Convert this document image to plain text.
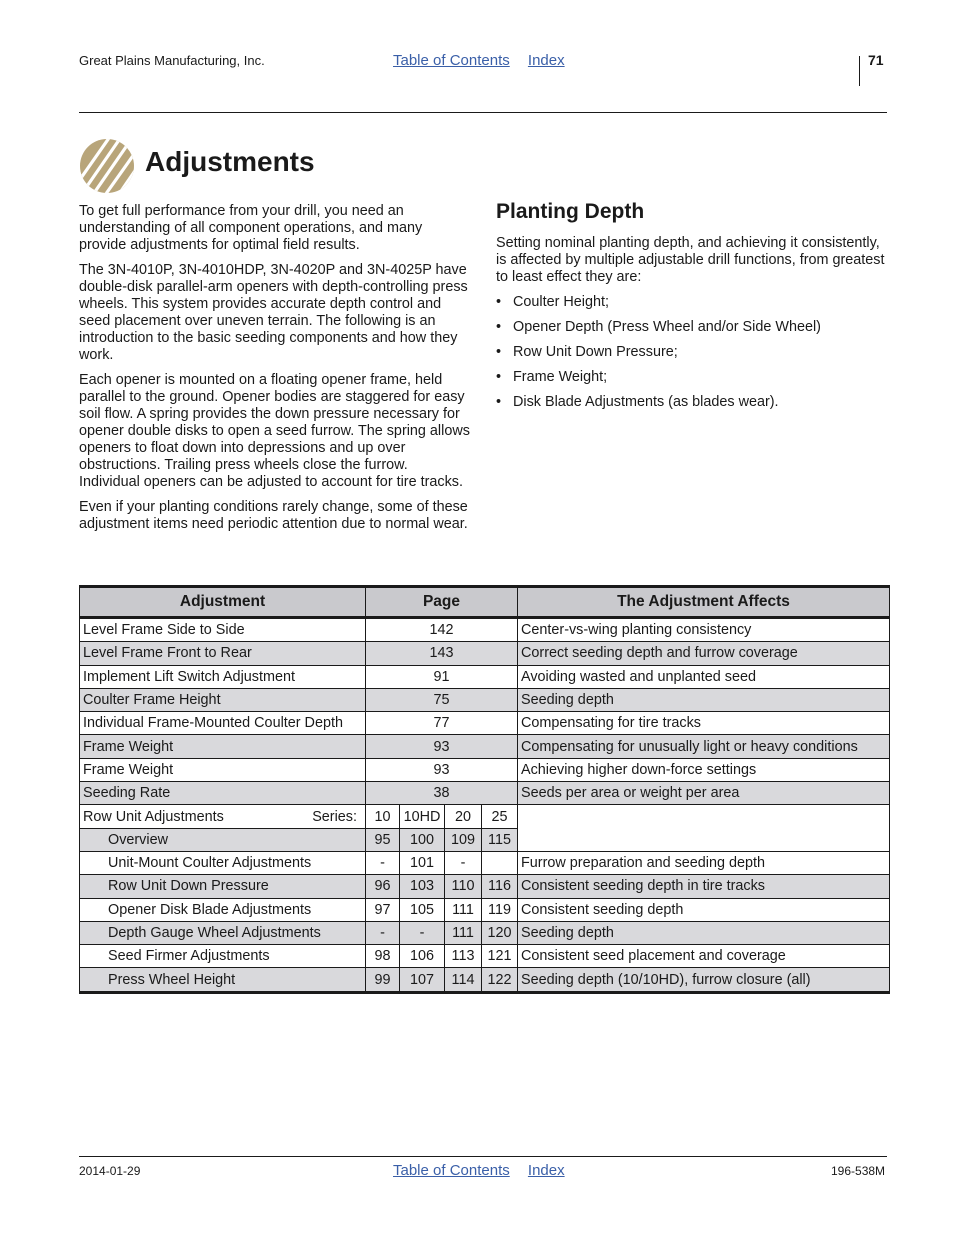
Great Plains Manufacturing, Inc.	Table of Contents Index	71
Adjustments

To get full performance from your drill, you need an understanding of all component operations, and many provide adjustments for optimal field results.

The 3N-4010P, 3N-4010HDP, 3N-4020P and 3N-4025P have double-disk parallel-arm openers with depth-controlling press wheels. This system provides accurate depth control and seed placement over uneven terrain. The following is an introduction to the basic seeding components and how they work.

Each opener is mounted on a floating opener frame, held parallel to the ground. Opener bodies are staggered for easy soil flow. A spring provides the down pressure necessary for opener double disks to open a seed furrow. The spring allows openers to float down into depressions and up over obstructions. Trailing press wheels close the furrow. Individual openers can be adjusted to account for tire tracks.

Even if your planting conditions rarely change, some of these adjustment items need periodic attention due to normal wear.

Planting Depth

Setting nominal planting depth, and achieving it consistently, is affected by multiple adjustable drill functions, from greatest to least effect they are:

• Coulter Height;
• Opener Depth (Press Wheel and/or Side Wheel)
• Row Unit Down Pressure;
• Frame Weight;
• Disk Blade Adjustments (as blades wear).
Adjustment	Page				The Adjustment Affects
Level Frame Side to Side	142				Center-vs-wing planting consistency
Level Frame Front to Rear	143				Correct seeding depth and furrow coverage
Implement Lift Switch Adjustment	91				Avoiding wasted and unplanted seed
Coulter Frame Height	75				Seeding depth
Individual Frame-Mounted Coulter Depth	77				Compensating for tire tracks
Frame Weight	93				Compensating for unusually light or heavy conditions
Frame Weight	93				Achieving higher down-force settings
Seeding Rate	38				Seeds per area or weight per area
Row Unit Adjustments Series:	10	10HD	20	25	
Overview	95	100	109	115	
Unit-Mount Coulter Adjustments	-	101	-		Furrow preparation and seeding depth
Row Unit Down Pressure	96	103	110	116	Consistent seeding depth in tire tracks
Opener Disk Blade Adjustments	97	105	111	119	Consistent seeding depth
Depth Gauge Wheel Adjustments	-	-	111	120	Seeding depth
Seed Firmer Adjustments	98	106	113	121	Consistent seed placement and coverage
Press Wheel Height	99	107	114	122	Seeding depth (10/10HD), furrow closure (all)
2014-01-29	Table of Contents Index	196-538M
